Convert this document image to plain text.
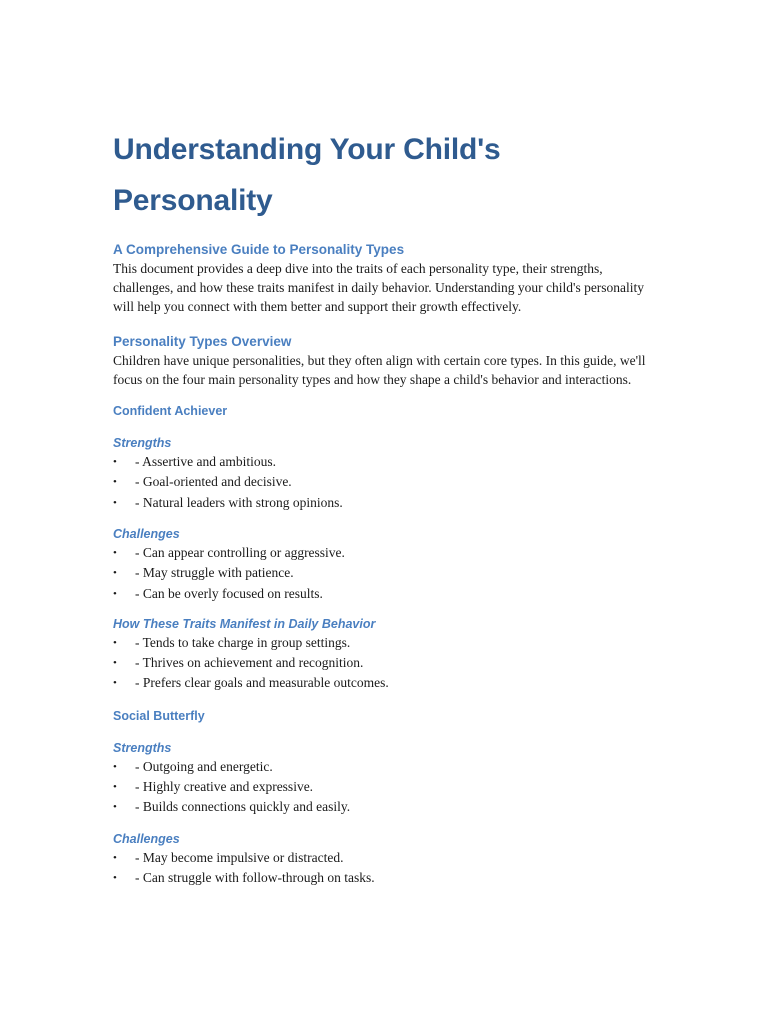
Understanding Your Child's
Personality
A Comprehensive Guide to Personality Types

This document provides a deep dive into the traits of each personality type, their strengths, challenges, and how these traits manifest in daily behavior. Understanding your child's personality will help you connect with them better and support their growth effectively.

Personality Types Overview

Children have unique personalities, but they often align with certain core types. In this guide, we'll focus on the four main personality types and how they shape a child's behavior and interactions.

Confident Achiever
Strengths
•	- Assertive and ambitious.
•	- Goal-oriented and decisive.
•	- Natural leaders with strong opinions.
Challenges
•	- Can appear controlling or aggressive.
•	- May struggle with patience.
•	- Can be overly focused on results.
How These Traits Manifest in Daily Behavior
•	- Tends to take charge in group settings.
•	- Thrives on achievement and recognition.
•	- Prefers clear goals and measurable outcomes.
Social Butterfly
Strengths
•	- Outgoing and energetic.
•	- Highly creative and expressive.
•	- Builds connections quickly and easily.
Challenges
•	- May become impulsive or distracted.
•	- Can struggle with follow-through on tasks.
